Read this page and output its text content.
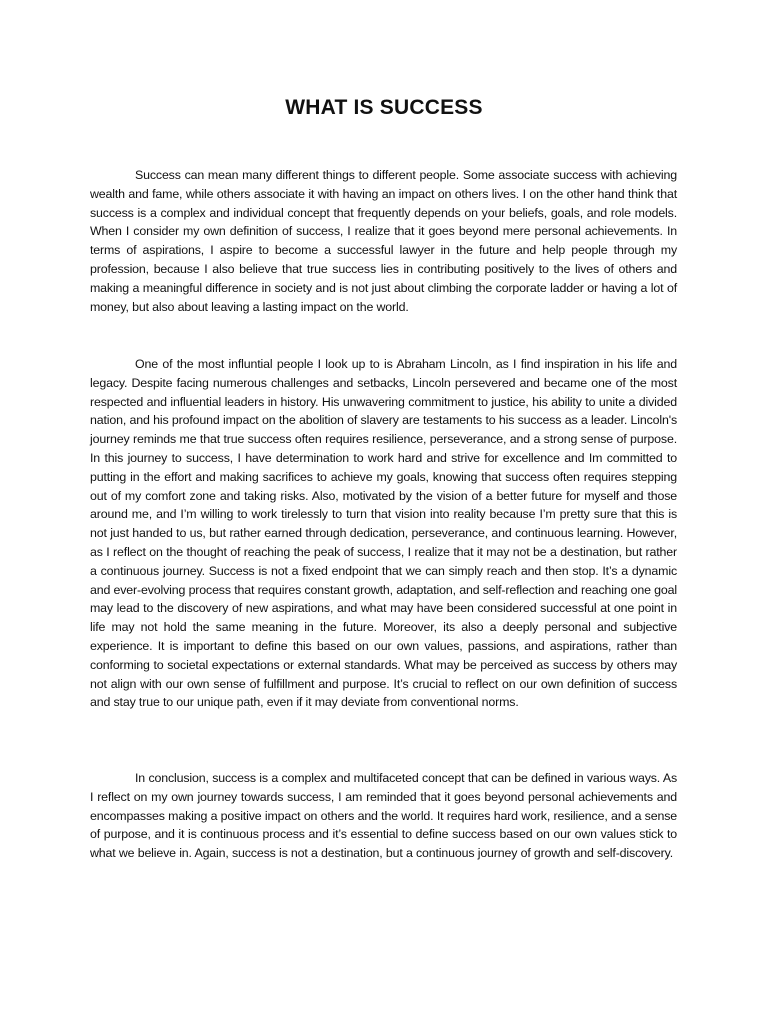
WHAT IS SUCCESS

Success can mean many different things to different people. Some associate success with achieving wealth and fame, while others associate it with having an impact on others lives. I on the other hand think that success is a complex and individual concept that frequently depends on your beliefs, goals, and role models. When I consider my own definition of success, I realize that it goes beyond mere personal achievements. In terms of aspirations, I aspire to become a successful lawyer in the future and help people through my profession, because I also believe that true success lies in contributing positively to the lives of others and making a meaningful difference in society and is not just about climbing the corporate ladder or having a lot of money, but also about leaving a lasting impact on the world.

One of the most influntial people I look up to is Abraham Lincoln, as I find inspiration in his life and legacy. Despite facing numerous challenges and setbacks, Lincoln persevered and became one of the most respected and influential leaders in history. His unwavering commitment to justice, his ability to unite a divided nation, and his profound impact on the abolition of slavery are testaments to his success as a leader. Lincoln's journey reminds me that true success often requires resilience, perseverance, and a strong sense of purpose. In this journey to success, I have determination to work hard and strive for excellence and Im committed to putting in the effort and making sacrifices to achieve my goals, knowing that success often requires stepping out of my comfort zone and taking risks. Also, motivated by the vision of a better future for myself and those around me, and I’m willing to work tirelessly to turn that vision into reality because I’m pretty sure that this is not just handed to us, but rather earned through dedication, perseverance, and continuous learning. However, as I reflect on the thought of reaching the peak of success, I realize that it may not be a destination, but rather a continuous journey. Success is not a fixed endpoint that we can simply reach and then stop. It’s a dynamic and ever-evolving process that requires constant growth, adaptation, and self-reflection and reaching one goal may lead to the discovery of new aspirations, and what may have been considered successful at one point in life may not hold the same meaning in the future. Moreover, its also a deeply personal and subjective experience. It is important to define this based on our own values, passions, and aspirations, rather than conforming to societal expectations or external standards. What may be perceived as success by others may not align with our own sense of fulfillment and purpose. It’s crucial to reflect on our own definition of success and stay true to our unique path, even if it may deviate from conventional norms.

In conclusion, success is a complex and multifaceted concept that can be defined in various ways. As I reflect on my own journey towards success, I am reminded that it goes beyond personal achievements and encompasses making a positive impact on others and the world. It requires hard work, resilience, and a sense of purpose, and it is continuous process and it’s essential to define success based on our own values stick to what we believe in. Again, success is not a destination, but a continuous journey of growth and self-discovery.
